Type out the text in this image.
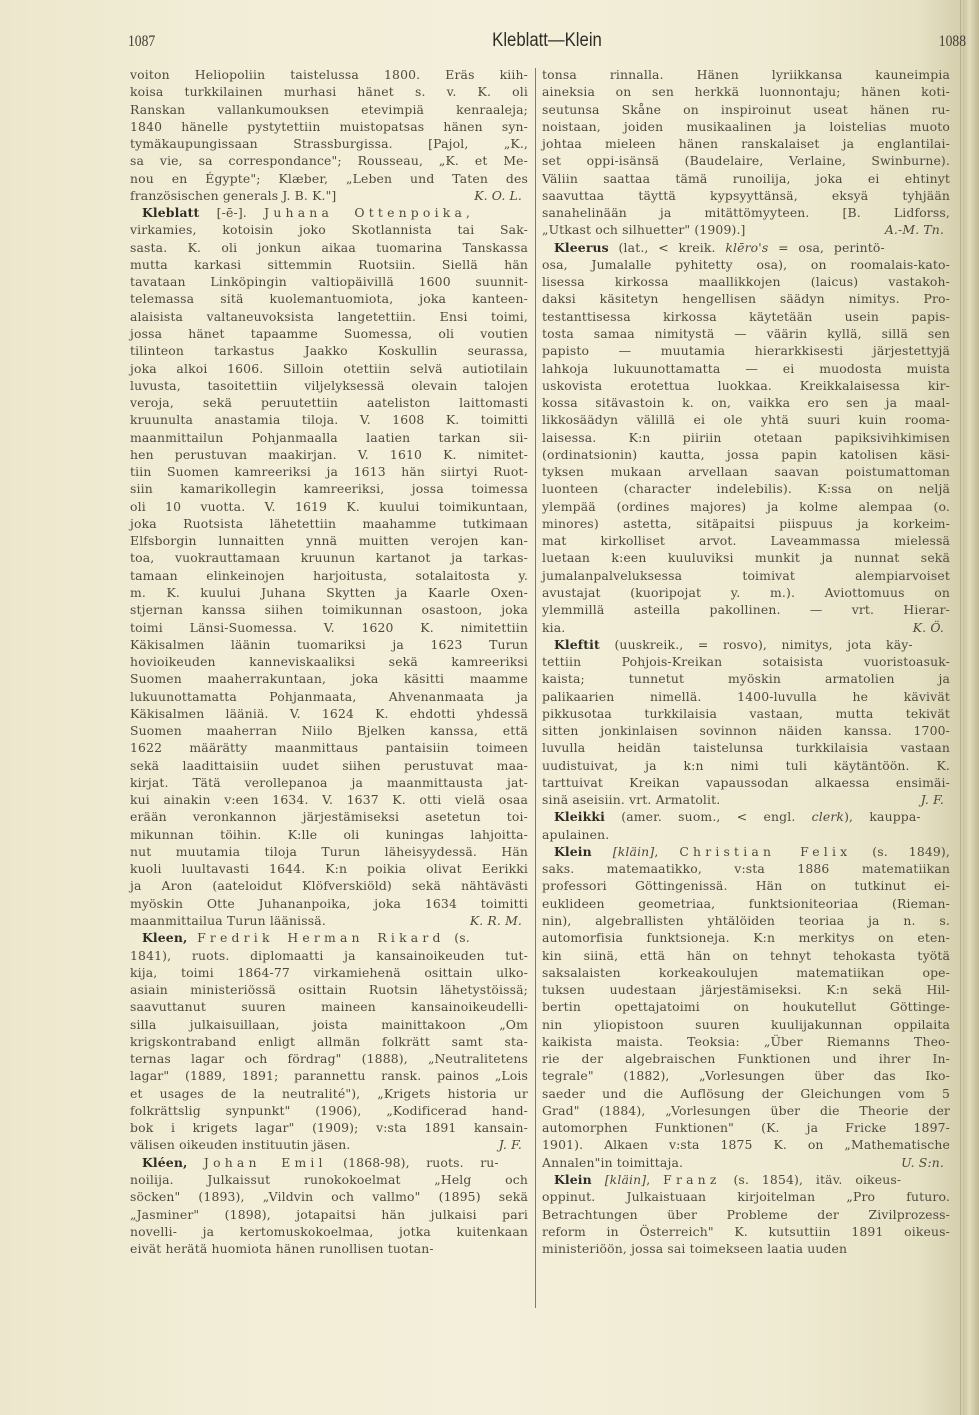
1087	Kleblatt—Klein	1088
voiton Heliopoliin taistelussa 1800. Eräs kiih-
koisa turkkilainen murhasi hänet s. v. K. oli
Ranskan vallankumouksen etevimpiä kenraaleja;
1840 hänelle pystytettiin muistopatsas hänen syn-
tymäkaupungissaan Strassburgissa. [Pajol, „K.,
sa vie, sa correspondance"; Rousseau, „K. et Me-
nou en Égypte"; Klæber, „Leben und Taten des
K. O. L.
französischen generals J. B. K."]
Kleblatt [-ē-]. Juhana Ottenpoika,
virkamies, kotoisin joko Skotlannista tai Sak-
sasta. K. oli jonkun aikaa tuomarina Tanskassa
mutta karkasi sittemmin Ruotsiin. Siellä hän
tavataan Linköpingin valtiopäivillä 1600 suunnit-
telemassa sitä kuolemantuomiota, joka kanteen-
alaisista valtaneuvoksista langetettiin. Ensi toimi,
jossa hänet tapaamme Suomessa, oli voutien
tilinteon tarkastus Jaakko Koskullin seurassa,
joka alkoi 1606. Silloin otettiin selvä autiotilain
luvusta, tasoitettiin viljelyksessä olevain talojen
veroja, sekä peruutettiin aateliston laittomasti
kruunulta anastamia tiloja. V. 1608 K. toimitti
maanmittailun Pohjanmaalla laatien tarkan sii-
hen perustuvan maakirjan. V. 1610 K. nimitet-
tiin Suomen kamreeriksi ja 1613 hän siirtyi Ruot-
siin kamarikollegin kamreeriksi, jossa toimessa
oli 10 vuotta. V. 1619 K. kuului toimikuntaan,
joka Ruotsista lähetettiin maahamme tutkimaan
Elfsborgin lunnaitten ynnä muitten verojen kan-
toa, vuokrauttamaan kruunun kartanot ja tarkas-
tamaan elinkeinojen harjoitusta, sotalaitosta y.
m. K. kuului Juhana Skytten ja Kaarle Oxen-
stjernan kanssa siihen toimikunnan osastoon, joka
toimi Länsi-Suomessa. V. 1620 K. nimitettiin
Käkisalmen läänin tuomariksi ja 1623 Turun
hovioikeuden kanneviskaaliksi sekä kamreeriksi
Suomen maaherrakuntaan, joka käsitti maamme
lukuunottamatta Pohjanmaata, Ahvenanmaata ja
Käkisalmen lääniä. V. 1624 K. ehdotti yhdessä
Suomen maaherran Niilo Bjelken kanssa, että
1622 määrätty maanmittaus pantaisiin toimeen
sekä laadittaisiin uudet siihen perustuvat maa-
kirjat. Tätä verollepanoa ja maanmittausta jat-
kui ainakin v:een 1634. V. 1637 K. otti vielä osaa
erään veronkannon järjestämiseksi asetetun toi-
mikunnan töihin. K:lle oli kuningas lahjoitta-
nut muutamia tiloja Turun läheisyydessä. Hän
kuoli luultavasti 1644. K:n poikia olivat Eerikki
ja Aron (aateloidut Klöfverskiöld) sekä nähtävästi
myöskin Otte Juhananpoika, joka 1634 toimitti
K. R. M.
maanmittailua Turun läänissä.
Kleen, Fredrik Herman Rikard (s.
1841), ruots. diplomaatti ja kansainoikeuden tut-
kija, toimi 1864-77 virkamiehenä osittain ulko-
asiain ministeriössä osittain Ruotsin lähetystöissä;
saavuttanut suuren maineen kansainoikeudelli-
silla julkaisuillaan, joista mainittakoon „Om
krigskontraband enligt allmän folkrätt samt sta-
ternas lagar och fördrag" (1888), „Neutralitetens
lagar" (1889, 1891; parannettu ransk. painos „Lois
et usages de la neutralité"), „Krigets historia ur
folkrättslig synpunkt" (1906), „Kodificerad hand-
bok i krigets lagar" (1909); v:sta 1891 kansain-
J. F.
välisen oikeuden instituutin jäsen.
Kléen, Johan Emil (1868-98), ruots. ru-
noilija. Julkaissut runokokoelmat „Helg och
söcken" (1893), „Vildvin och vallmo" (1895) sekä
„Jasminer" (1898), jotapaitsi hän julkaisi pari
novelli- ja kertomuskokoelmaa, jotka kuitenkaan
eivät herätä huomiota hänen runollisen tuotan-
tonsa rinnalla. Hänen lyriikkansa kauneimpia
aineksia on sen herkkä luonnontaju; hänen koti-
seutunsa Skåne on inspiroinut useat hänen ru-
noistaan, joiden musikaalinen ja loistelias muoto
johtaa mieleen hänen ranskalaiset ja englantilai-
set oppi-isänsä (Baudelaire, Verlaine, Swinburne).
Väliin saattaa tämä runoilija, joka ei ehtinyt
saavuttaa täyttä kypsyyttänsä, eksyä tyhjään
sanahelinään ja mitättömyyteen. [B. Lidforss,
A.-M. Tn.
„Utkast och silhuetter" (1909).]
Kleerus (lat., < kreik. klēro's = osa, perintö-
osa, Jumalalle pyhitetty osa), on roomalais-kato-
lisessa kirkossa maallikkojen (laicus) vastakoh-
daksi käsitetyn hengellisen säädyn nimitys. Pro-
testanttisessa kirkossa käytetään usein papis-
tosta samaa nimitystä — väärin kyllä, sillä sen
papisto — muutamia hierarkkisesti järjestettyjä
lahkoja lukuunottamatta — ei muodosta muista
uskovista erotettua luokkaa. Kreikkalaisessa kir-
kossa sitävastoin k. on, vaikka ero sen ja maal-
likkosäädyn välillä ei ole yhtä suuri kuin rooma-
laisessa. K:n piiriin otetaan papiksivihkimisen
(ordinatsionin) kautta, jossa papin katolisen käsi-
tyksen mukaan arvellaan saavan poistumattoman
luonteen (character indelebilis). K:ssa on neljä
ylempää (ordines majores) ja kolme alempaa (o.
minores) astetta, sitäpaitsi piispuus ja korkeim-
mat kirkolliset arvot. Laveammassa mielessä
luetaan k:een kuuluviksi munkit ja nunnat sekä
jumalanpalveluksessa toimivat alempiarvoiset
avustajat (kuoripojat y. m.). Aviottomuus on
ylemmillä asteilla pakollinen. — vrt. Hierar-
K. Ö.
kia.
Kleftit (uuskreik., = rosvo), nimitys, jota käy-
tettiin Pohjois-Kreikan sotaisista vuoristoasuk-
kaista; tunnetut myöskin armatolien ja
palikaarien nimellä. 1400-luvulla he kävivät
pikkusotaa turkkilaisia vastaan, mutta tekivät
sitten jonkinlaisen sovinnon näiden kanssa. 1700-
luvulla heidän taistelunsa turkkilaisia vastaan
uudistuivat, ja k:n nimi tuli käytäntöön. K.
tarttuivat Kreikan vapaussodan alkaessa ensimäi-
J. F.
sinä aseisiin. vrt. Armatolit.
Kleikki (amer. suom., < engl. clerk), kauppa-
apulainen.
Klein [kläin], Christian Felix (s. 1849),
saks. matemaatikko, v:sta 1886 matematiikan
professori Göttingenissä. Hän on tutkinut ei-
euklideen geometriaa, funktsioniteoriaa (Rieman-
nin), algebrallisten yhtälöiden teoriaa ja n. s.
automorfisia funktsioneja. K:n merkitys on eten-
kin siinä, että hän on tehnyt tehokasta työtä
saksalaisten korkeakoulujen matematiikan ope-
tuksen uudestaan järjestämiseksi. K:n sekä Hil-
bertin opettajatoimi on houkutellut Göttinge-
nin yliopistoon suuren kuulijakunnan oppilaita
kaikista maista. Teoksia: „Über Riemanns Theo-
rie der algebraischen Funktionen und ihrer In-
tegrale" (1882), „Vorlesungen über das Iko-
saeder und die Auflösung der Gleichungen vom 5
Grad" (1884), „Vorlesungen über die Theorie der
automorphen Funktionen" (K. ja Fricke 1897-
1901). Alkaen v:sta 1875 K. on „Mathematische
U. S:n.
Annalen"in toimittaja.
Klein [kläin], Franz (s. 1854), itäv. oikeus-
oppinut. Julkaistuaan kirjoitelman „Pro futuro.
Betrachtungen über Probleme der Zivilprozess-
reform in Österreich" K. kutsuttiin 1891 oikeus-
ministeriöön, jossa sai toimekseen laatia uuden
